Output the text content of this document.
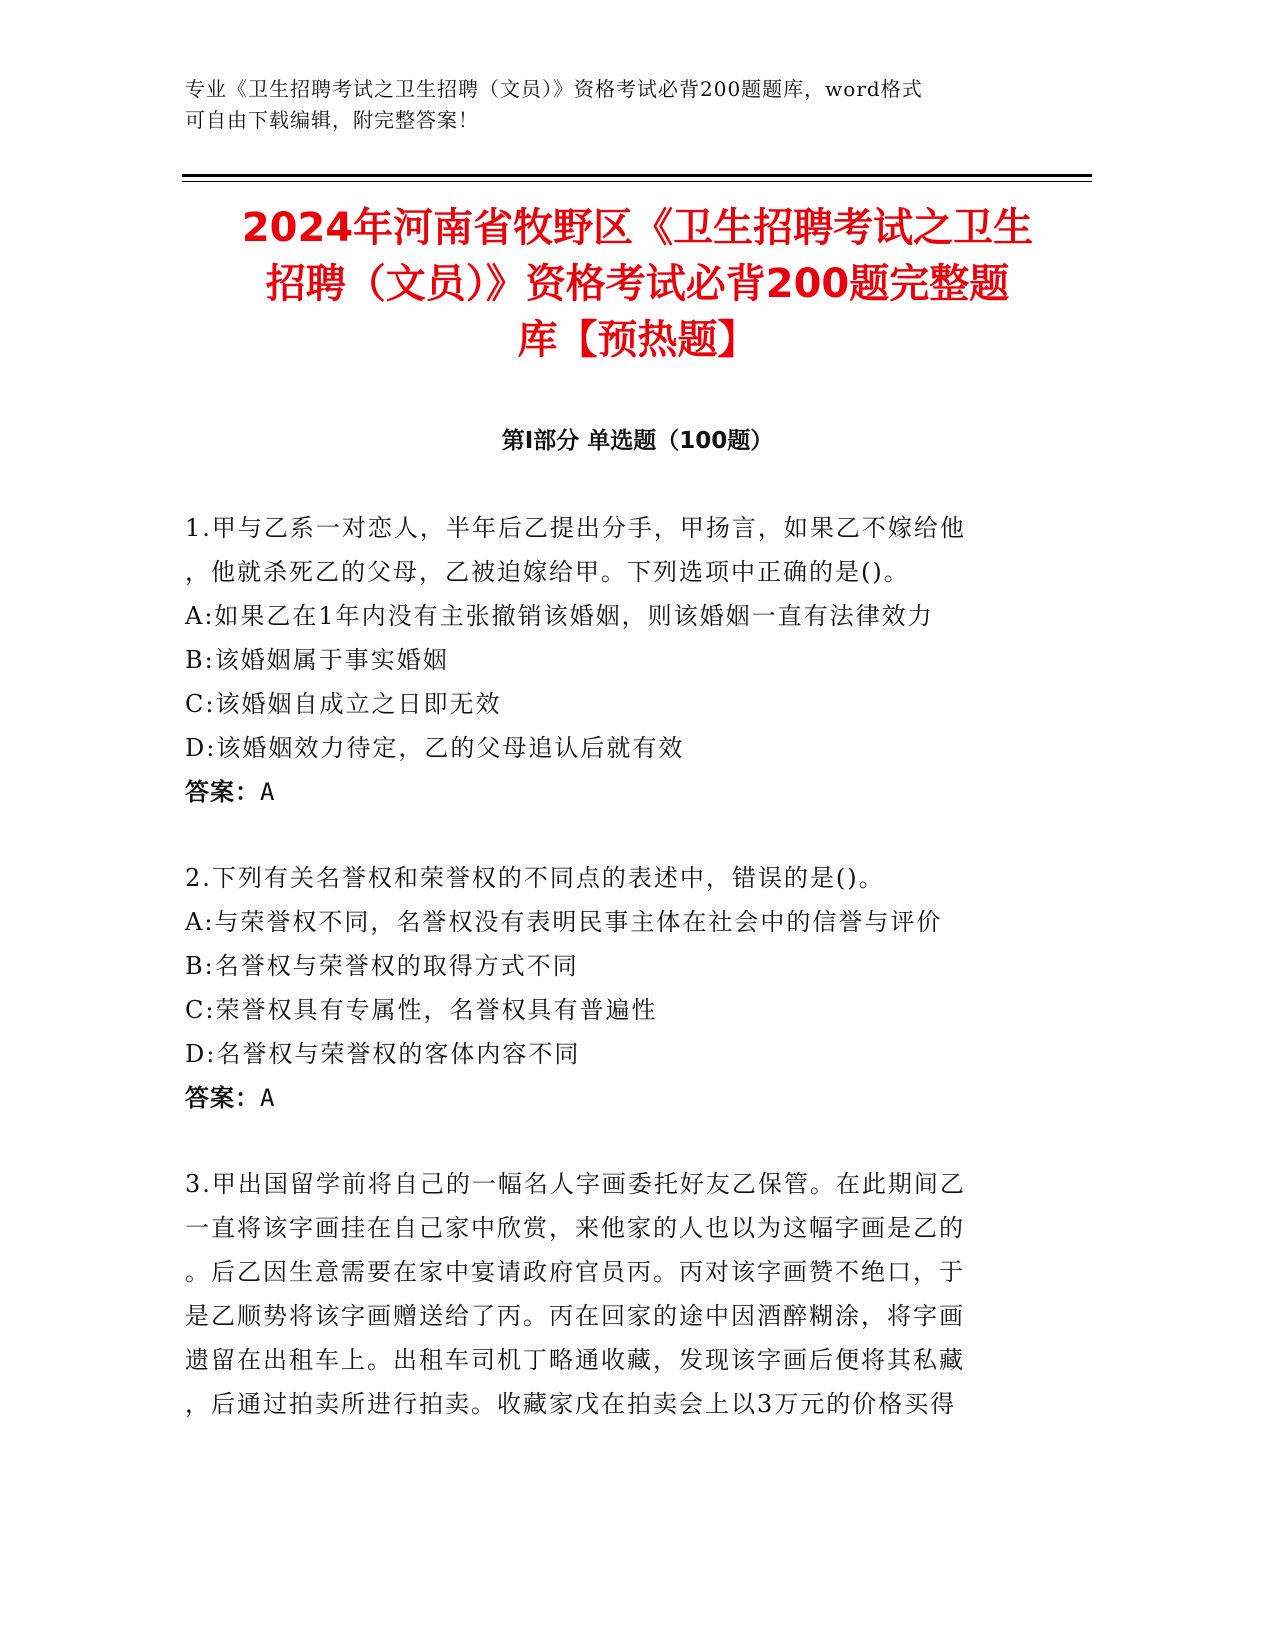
专业《卫生招聘考试之卫生招聘（文员）》资格考试必背200题题库，word格式
可自由下载编辑，附完整答案！
2024年河南省牧野区《卫生招聘考试之卫生
招聘（文员）》资格考试必背200题完整题
库【预热题】
第Ⅰ部分 单选题（100题）
1.甲与乙系一对恋人，半年后乙提出分手，甲扬言，如果乙不嫁给他
，他就杀死乙的父母，乙被迫嫁给甲。下列选项中正确的是()。
A:如果乙在1年内没有主张撤销该婚姻，则该婚姻一直有法律效力
B:该婚姻属于事实婚姻
C:该婚姻自成立之日即无效
D:该婚姻效力待定，乙的父母追认后就有效
答案：A
2.下列有关名誉权和荣誉权的不同点的表述中，错误的是()。
A:与荣誉权不同，名誉权没有表明民事主体在社会中的信誉与评价
B:名誉权与荣誉权的取得方式不同
C:荣誉权具有专属性，名誉权具有普遍性
D:名誉权与荣誉权的客体内容不同
答案：A
3.甲出国留学前将自己的一幅名人字画委托好友乙保管。在此期间乙
一直将该字画挂在自己家中欣赏，来他家的人也以为这幅字画是乙的
。后乙因生意需要在家中宴请政府官员丙。丙对该字画赞不绝口，于
是乙顺势将该字画赠送给了丙。丙在回家的途中因酒醉糊涂，将字画
遗留在出租车上。出租车司机丁略通收藏，发现该字画后便将其私藏
，后通过拍卖所进行拍卖。收藏家戊在拍卖会上以3万元的价格买得
